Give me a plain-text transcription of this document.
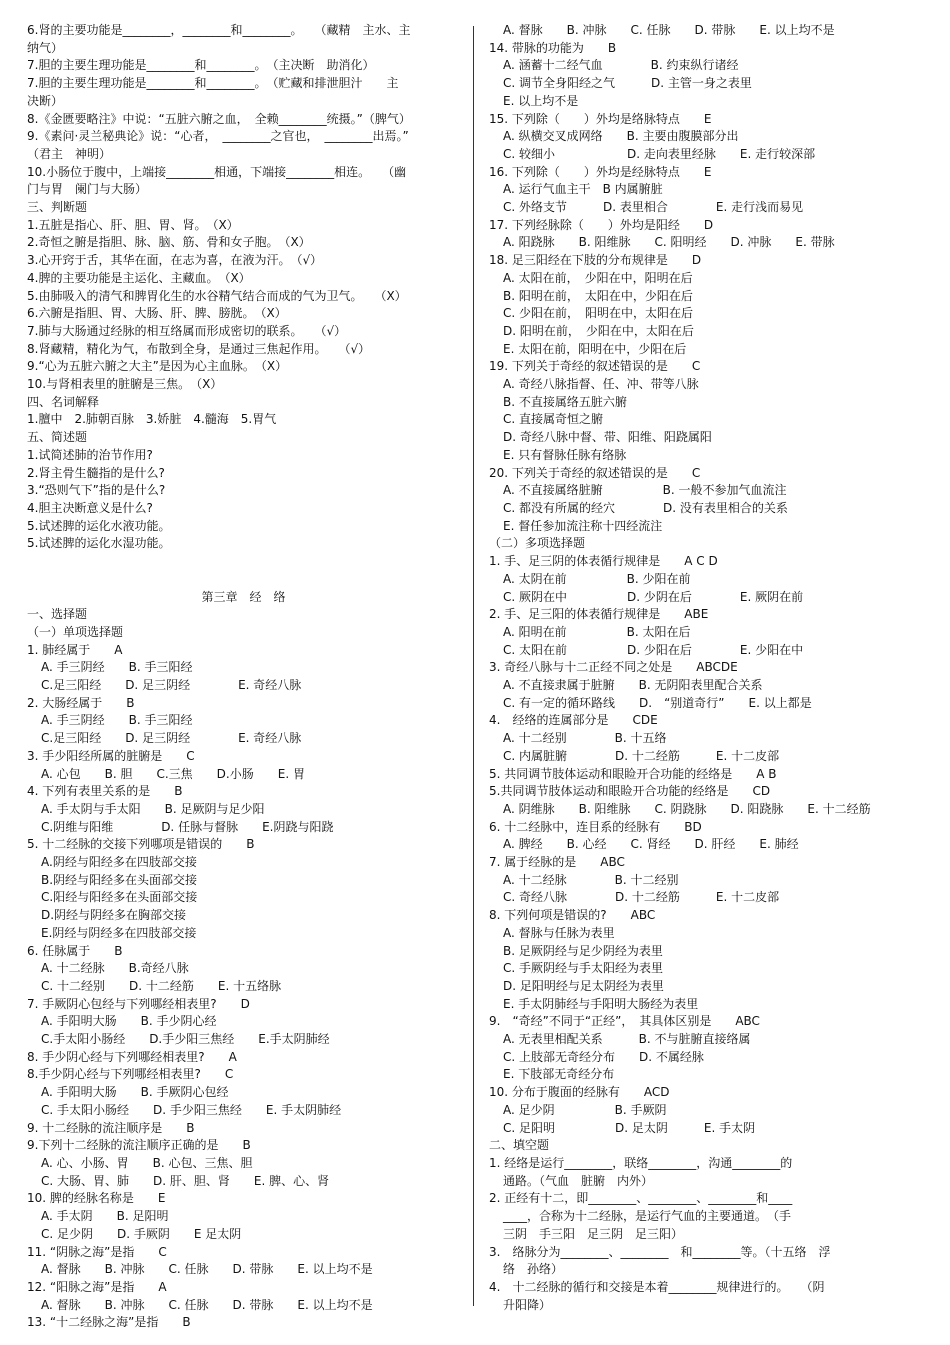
6.肾的主要功能是________，________和________。　　（藏精　主水、主
纳气）
7.胆的主要生理功能是________和________。　（主决断　助消化）
7.胆的主要生理功能是________和________。　（贮藏和排泄胆汁　　主
决断）
8.《金匮要略注》中说：“五脏六腑之血，　全赖________统摄。”（脾气）
9.《素问·灵兰秘典论》说：“心者，　________之官也，　________出焉。”
（君主　神明）
10.小肠位于腹中，上端接________相通，下端接________相连。　　（幽
门与胃　阑门与大肠）
三、判断题
1.五脏是指心、肝、胆、胃、肾。　（X）
2.奇恒之腑是指胆、脉、脑、筋、骨和女子胞。　（X）
3.心开窍于舌，其华在面，在志为喜，在液为汗。　（√）
4.脾的主要功能是主运化、主藏血。　（X）
5.由肺吸入的清气和脾胃化生的水谷精气结合而成的气为卫气。　　（X）
6.六腑是指胆、胃、大肠、肝、脾、膀胱。　（X）
7.肺与大肠通过经脉的相互络属而形成密切的联系。　　（√）
8.肾藏精，精化为气，布散到全身，是通过三焦起作用。　　（√）
9.“心为五脏六腑之大主”是因为心主血脉。　（X）
10.与肾相表里的脏腑是三焦。　（X）
四、名词解释
1.膻中　2.肺朝百脉　3.娇脏　4.髓海　5.胃气
五、简述题
1.试简述肺的治节作用?
2.肾主骨生髓指的是什么?
3.“恐则气下”指的是什么?
4.胆主决断意义是什么?
5.试述脾的运化水液功能。
5.试述脾的运化水湿功能。

第三章　经　络
一、选择题
（一）单项选择题
1. 肺经属于　　A
A. 手三阴经　　B. 手三阳经
C.足三阳经　　D. 足三阴经　　　　E. 奇经八脉
2. 大肠经属于　　B
A. 手三阴经　　B. 手三阳经
C.足三阳经　　D. 足三阴经　　　　E. 奇经八脉
3. 手少阳经所属的脏腑是　　C
A. 心包　　B. 胆　　C.三焦　　D.小肠　　E. 胃
4. 下列有表里关系的是　　B
A. 手太阴与手太阳　　B. 足厥阴与足少阳
C.阴维与阳维　　　　D. 任脉与督脉　　E.阴跷与阳跷
5. 十二经脉的交接下列哪项是错误的　　B
A.阴经与阳经多在四肢部交接
B.阴经与阳经多在头面部交接
C.阳经与阳经多在头面部交接
D.阴经与阴经多在胸部交接
E.阴经与阴经多在四肢部交接
6. 任脉属于　　B
A. 十二经脉　　B.奇经八脉
C. 十二经别　　D. 十二经筋　　E. 十五络脉
7. 手厥阴心包经与下列哪经相表里?　　D
A. 手阳明大肠　　B. 手少阴心经
C.手太阳小肠经　　D.手少阳三焦经　　E.手太阴肺经
8. 手少阴心经与下列哪经相表里?　　A
8.手少阴心经与下列哪经相表里?　　C
A. 手阳明大肠　　B. 手厥阴心包经
C. 手太阳小肠经　　D. 手少阳三焦经　　E. 手太阴肺经
9. 十二经脉的流注顺序是　　B
9.下列十二经脉的流注顺序正确的是　　B
A. 心、小肠、胃　　B. 心包、三焦、胆
C. 大肠、胃、肺　　D. 肝、胆、肾　　E. 脾、心、肾
10. 脾的经脉名称是　　E
A. 手太阴　　B. 足阳明
C. 足少阴　　D. 手厥阴　　E 足太阴
11. “阴脉之海”是指　　C
A. 督脉　　B. 冲脉　　C. 任脉　　D. 带脉　　E. 以上均不是
12. “阳脉之海”是指　　A
A. 督脉　　B. 冲脉　　C. 任脉　　D. 带脉　　E. 以上均不是
13. “十二经脉之海”是指　　B
A. 督脉　　B. 冲脉　　C. 任脉　　D. 带脉　　E. 以上均不是
14. 带脉的功能为　　B
A. 涵蓄十二经气血　　　　B. 约束纵行诸经
C. 调节全身阳经之气　　　D. 主管一身之表里
E. 以上均不是
15. 下列除（　　）外均是络脉特点　　E
A. 纵横交叉成网络　　B. 主要由腹膜部分出
C. 较细小　　　　　　D. 走向表里经脉　　E. 走行较深部
16. 下列除（　　）外均是经脉特点　　E
A. 运行气血主干　B 内属腑脏
C. 外络支节　　　D. 表里相合　　　　E. 走行浅而易见
17. 下列经脉除（　　）外均是阳经　　D
A. 阳跷脉　　B. 阳维脉　　C. 阳明经　　D. 冲脉　　E. 带脉
18. 足三阳经在下肢的分布规律是　　D
A. 太阳在前，　少阳在中，阳明在后
B. 阳明在前，　太阳在中，少阳在后
C. 少阳在前，　阳明在中，太阳在后
D. 阳明在前，　少阳在中，太阳在后
E. 太阳在前，阳明在中，少阳在后
19. 下列关于奇经的叙述错误的是　　C
A. 奇经八脉指督、任、冲、带等八脉
B. 不直接属络五脏六腑
C. 直接属奇恒之腑
D. 奇经八脉中督、带、阳维、阳跷属阳
E. 只有督脉任脉有络脉
20. 下列关于奇经的叙述错误的是　　C
A. 不直接属络脏腑　　　　　B. 一般不参加气血流注
C. 都没有所属的经穴　　　　D. 没有表里相合的关系
E. 督任参加流注称十四经流注
（二）多项选择题
1. 手、足三阴的体表循行规律是　　A C D
A. 太阴在前　　　　　B. 少阳在前
C. 厥阴在中　　　　　D. 少阴在后　　　　E. 厥阴在前
2. 手、足三阳的体表循行规律是　　ABE
A. 阳明在前　　　　　B. 太阳在后
C. 太阳在前　　　　　D. 少阳在后　　　　E. 少阳在中
3. 奇经八脉与十二正经不同之处是　　ABCDE
A. 不直接隶属于脏腑　　B. 无阴阳表里配合关系
C. 有一定的循环路线　　D.　“别道奇行”　　E. 以上都是
4.　经络的连属部分是　　CDE
A. 十二经别　　　　B. 十五络
C. 内属脏腑　　　　D. 十二经筋　　　E. 十二皮部
5. 共同调节肢体运动和眼睑开合功能的经络是　　A B
5.共同调节肢体运动和眼睑开合功能的经络是　　CD
A. 阴维脉　　B. 阳维脉　　C. 阴跷脉　　D. 阳跷脉　　E. 十二经筋
6. 十二经脉中，连目系的经脉有　　BD
A. 脾经　　B. 心经　　C. 肾经　　D. 肝经　　E. 肺经
7. 属于经脉的是　　ABC
A. 十二经脉　　　　B. 十二经别
C. 奇经八脉　　　　D. 十二经筋　　　E. 十二皮部
8. 下列何项是错误的?　　ABC
A. 督脉与任脉为表里
B. 足厥阴经与足少阴经为表里
C. 手厥阴经与手太阳经为表里
D. 足阳明经与足太阴经为表里
E. 手太阴肺经与手阳明大肠经为表里
9.　“奇经”不同于“正经”，　其具体区别是　　ABC
A. 无表里相配关系　　　B. 不与脏腑直接络属
C. 上肢部无奇经分布　　D. 不属经脉
E. 下肢部无奇经分布
10. 分布于腹面的经脉有　　ACD
A. 足少阴　　　　　B. 手厥阴
C. 足阳明　　　　　D. 足太阴　　　E. 手太阴
二、填空题
1. 经络是运行________，联络________，沟通________的
通路。（气血　脏腑　内外）
2. 正经有十二，即________、________、________和____
____，合称为十二经脉，是运行气血的主要通道。　（手
三阴　手三阳　足三阴　足三阳）
3.　络脉分为________、________　和________等。（十五络　浮
络　孙络）
4.　十二经脉的循行和交接是本着________规律进行的。　　（阴
升阳降）
